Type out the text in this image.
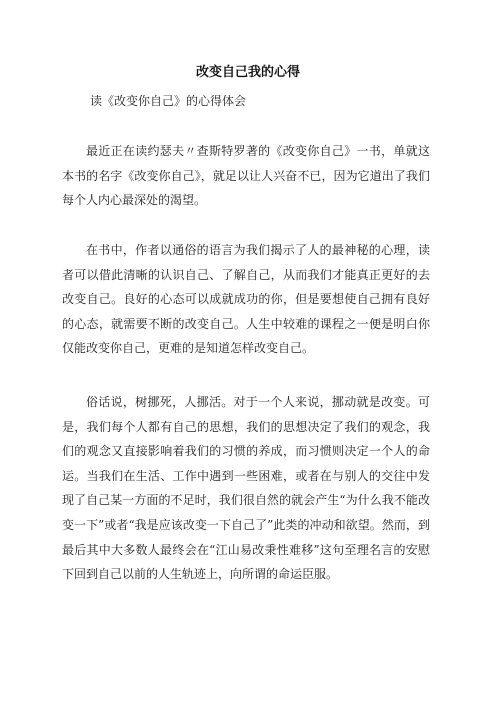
改变自己我的心得

读《改变你自己》的心得体会

最近正在读约瑟夫〃查斯特罗著的《改变你自己》一书，单就这本书的名字《改变你自己》，就足以让人兴奋不已，因为它道出了我们每个人内心最深处的渴望。

在书中，作者以通俗的语言为我们揭示了人的最神秘的心理，读者可以借此清晰的认识自己、了解自己，从而我们才能真正更好的去改变自己。良好的心态可以成就成功的你，但是要想使自己拥有良好的心态，就需要不断的改变自己。人生中较难的课程之一便是明白你仅能改变你自己，更难的是知道怎样改变自己。

俗话说，树挪死，人挪活。对于一个人来说，挪动就是改变。可是，我们每个人都有自己的思想，我们的思想决定了我们的观念，我们的观念又直接影响着我们的习惯的养成，而习惯则决定一个人的命运。当我们在生活、工作中遇到一些困难，或者在与别人的交往中发现了自己某一方面的不足时，我们很自然的就会产生“为什么我不能改变一下”或者“我是应该改变一下自己了”此类的冲动和欲望。然而，到最后其中大多数人最终会在“江山易改秉性难移”这句至理名言的安慰下回到自己以前的人生轨迹上，向所谓的命运臣服。
